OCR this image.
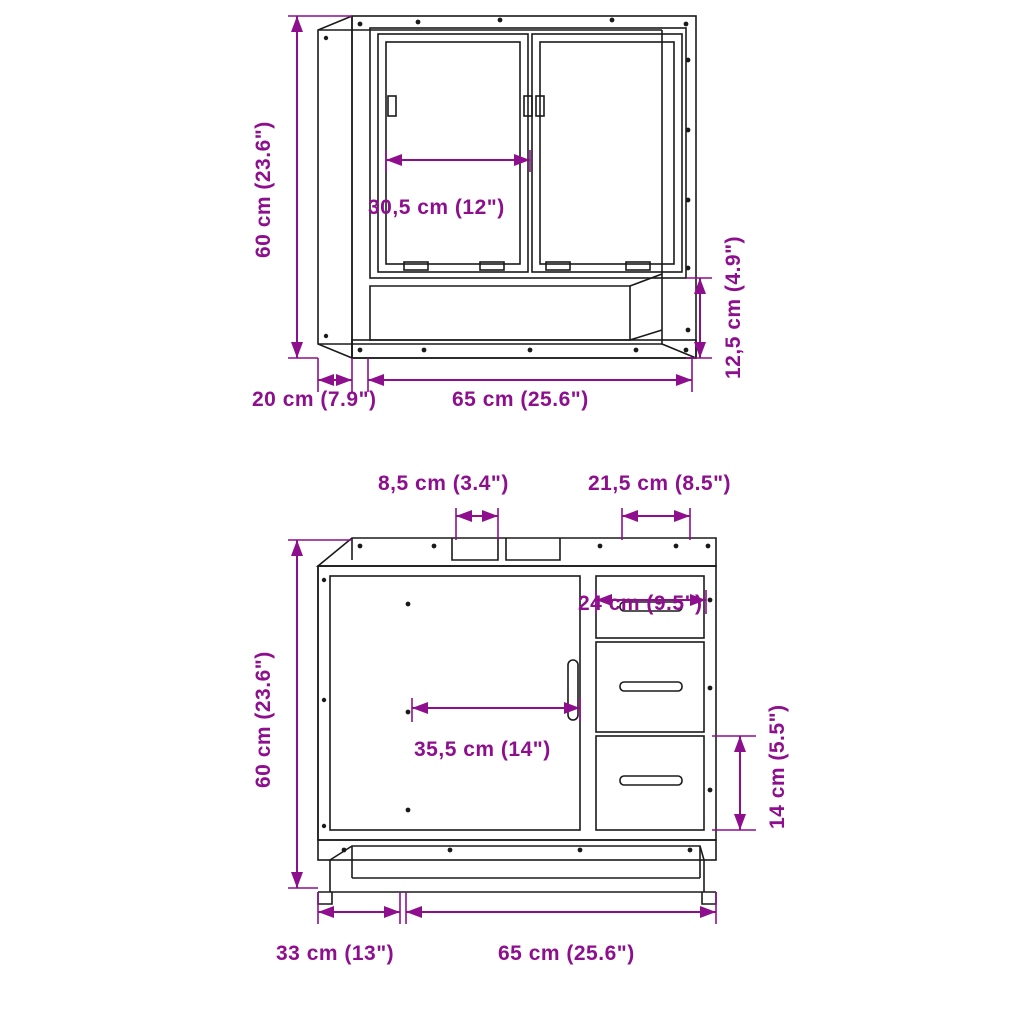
60 cm (23.6")	30,5 cm (12")
20 cm (7.9")	65 cm (25.6")
12,5 cm (4.9")
8,5 cm (3.4")	21,5 cm (8.5")
60 cm (23.6")
24 cm (9.5")
35,5 cm (14")	14 cm (5.5")
33 cm (13")	65 cm (25.6")
